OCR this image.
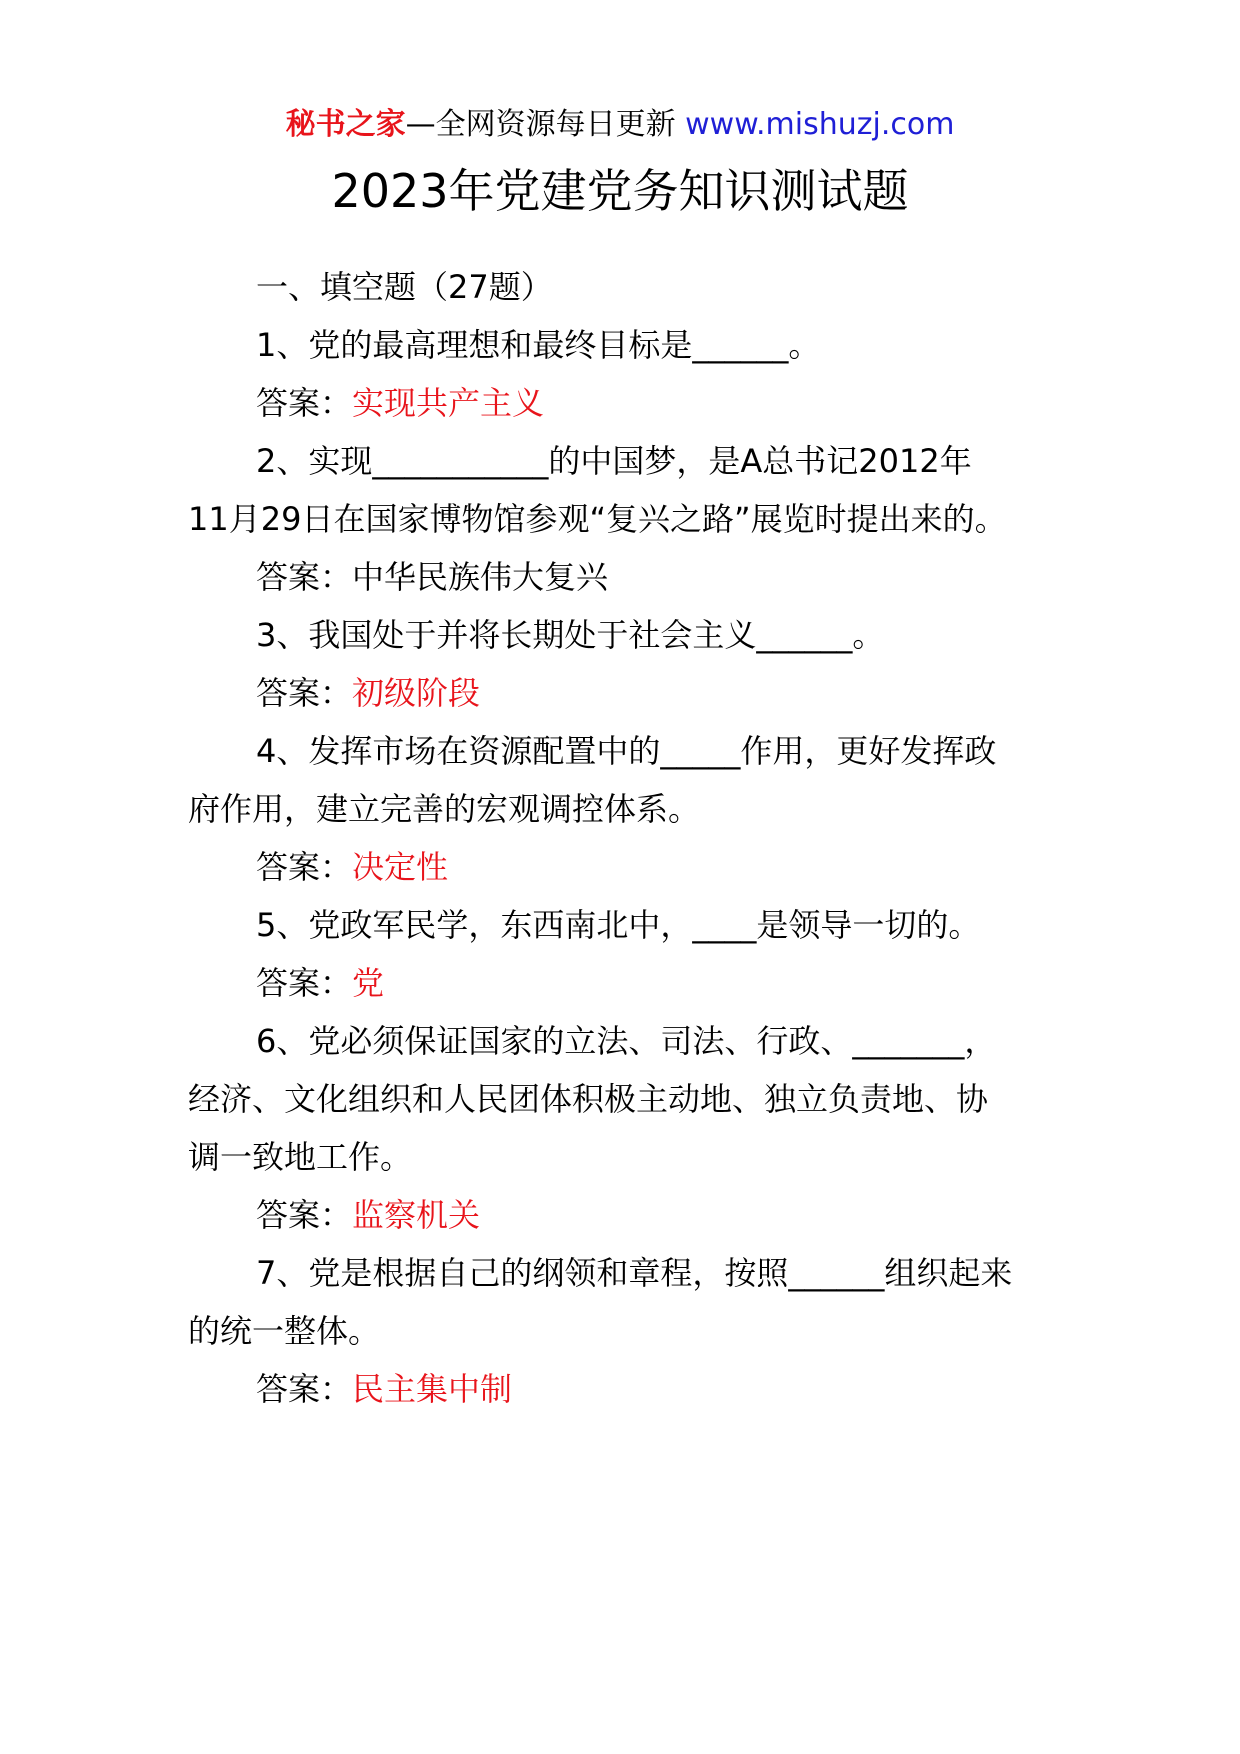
秘书之家—全网资源每日更新 www.mishuzj.com
2023年党建党务知识测试题
一、填空题（27题）
1、党的最高理想和最终目标是______。
答案：实现共产主义
2、实现___________的中国梦，是A总书记2012年
11月29日在国家博物馆参观“复兴之路”展览时提出来的。
答案：中华民族伟大复兴
3、我国处于并将长期处于社会主义______。
答案：初级阶段
4、发挥市场在资源配置中的_____作用，更好发挥政
府作用，建立完善的宏观调控体系。
答案：决定性
5、党政军民学，东西南北中，____是领导一切的。
答案：党
6、党必须保证国家的立法、司法、行政、_______，
经济、文化组织和人民团体积极主动地、独立负责地、协
调一致地工作。
答案：监察机关
7、党是根据自己的纲领和章程，按照______组织起来
的统一整体。
答案：民主集中制
